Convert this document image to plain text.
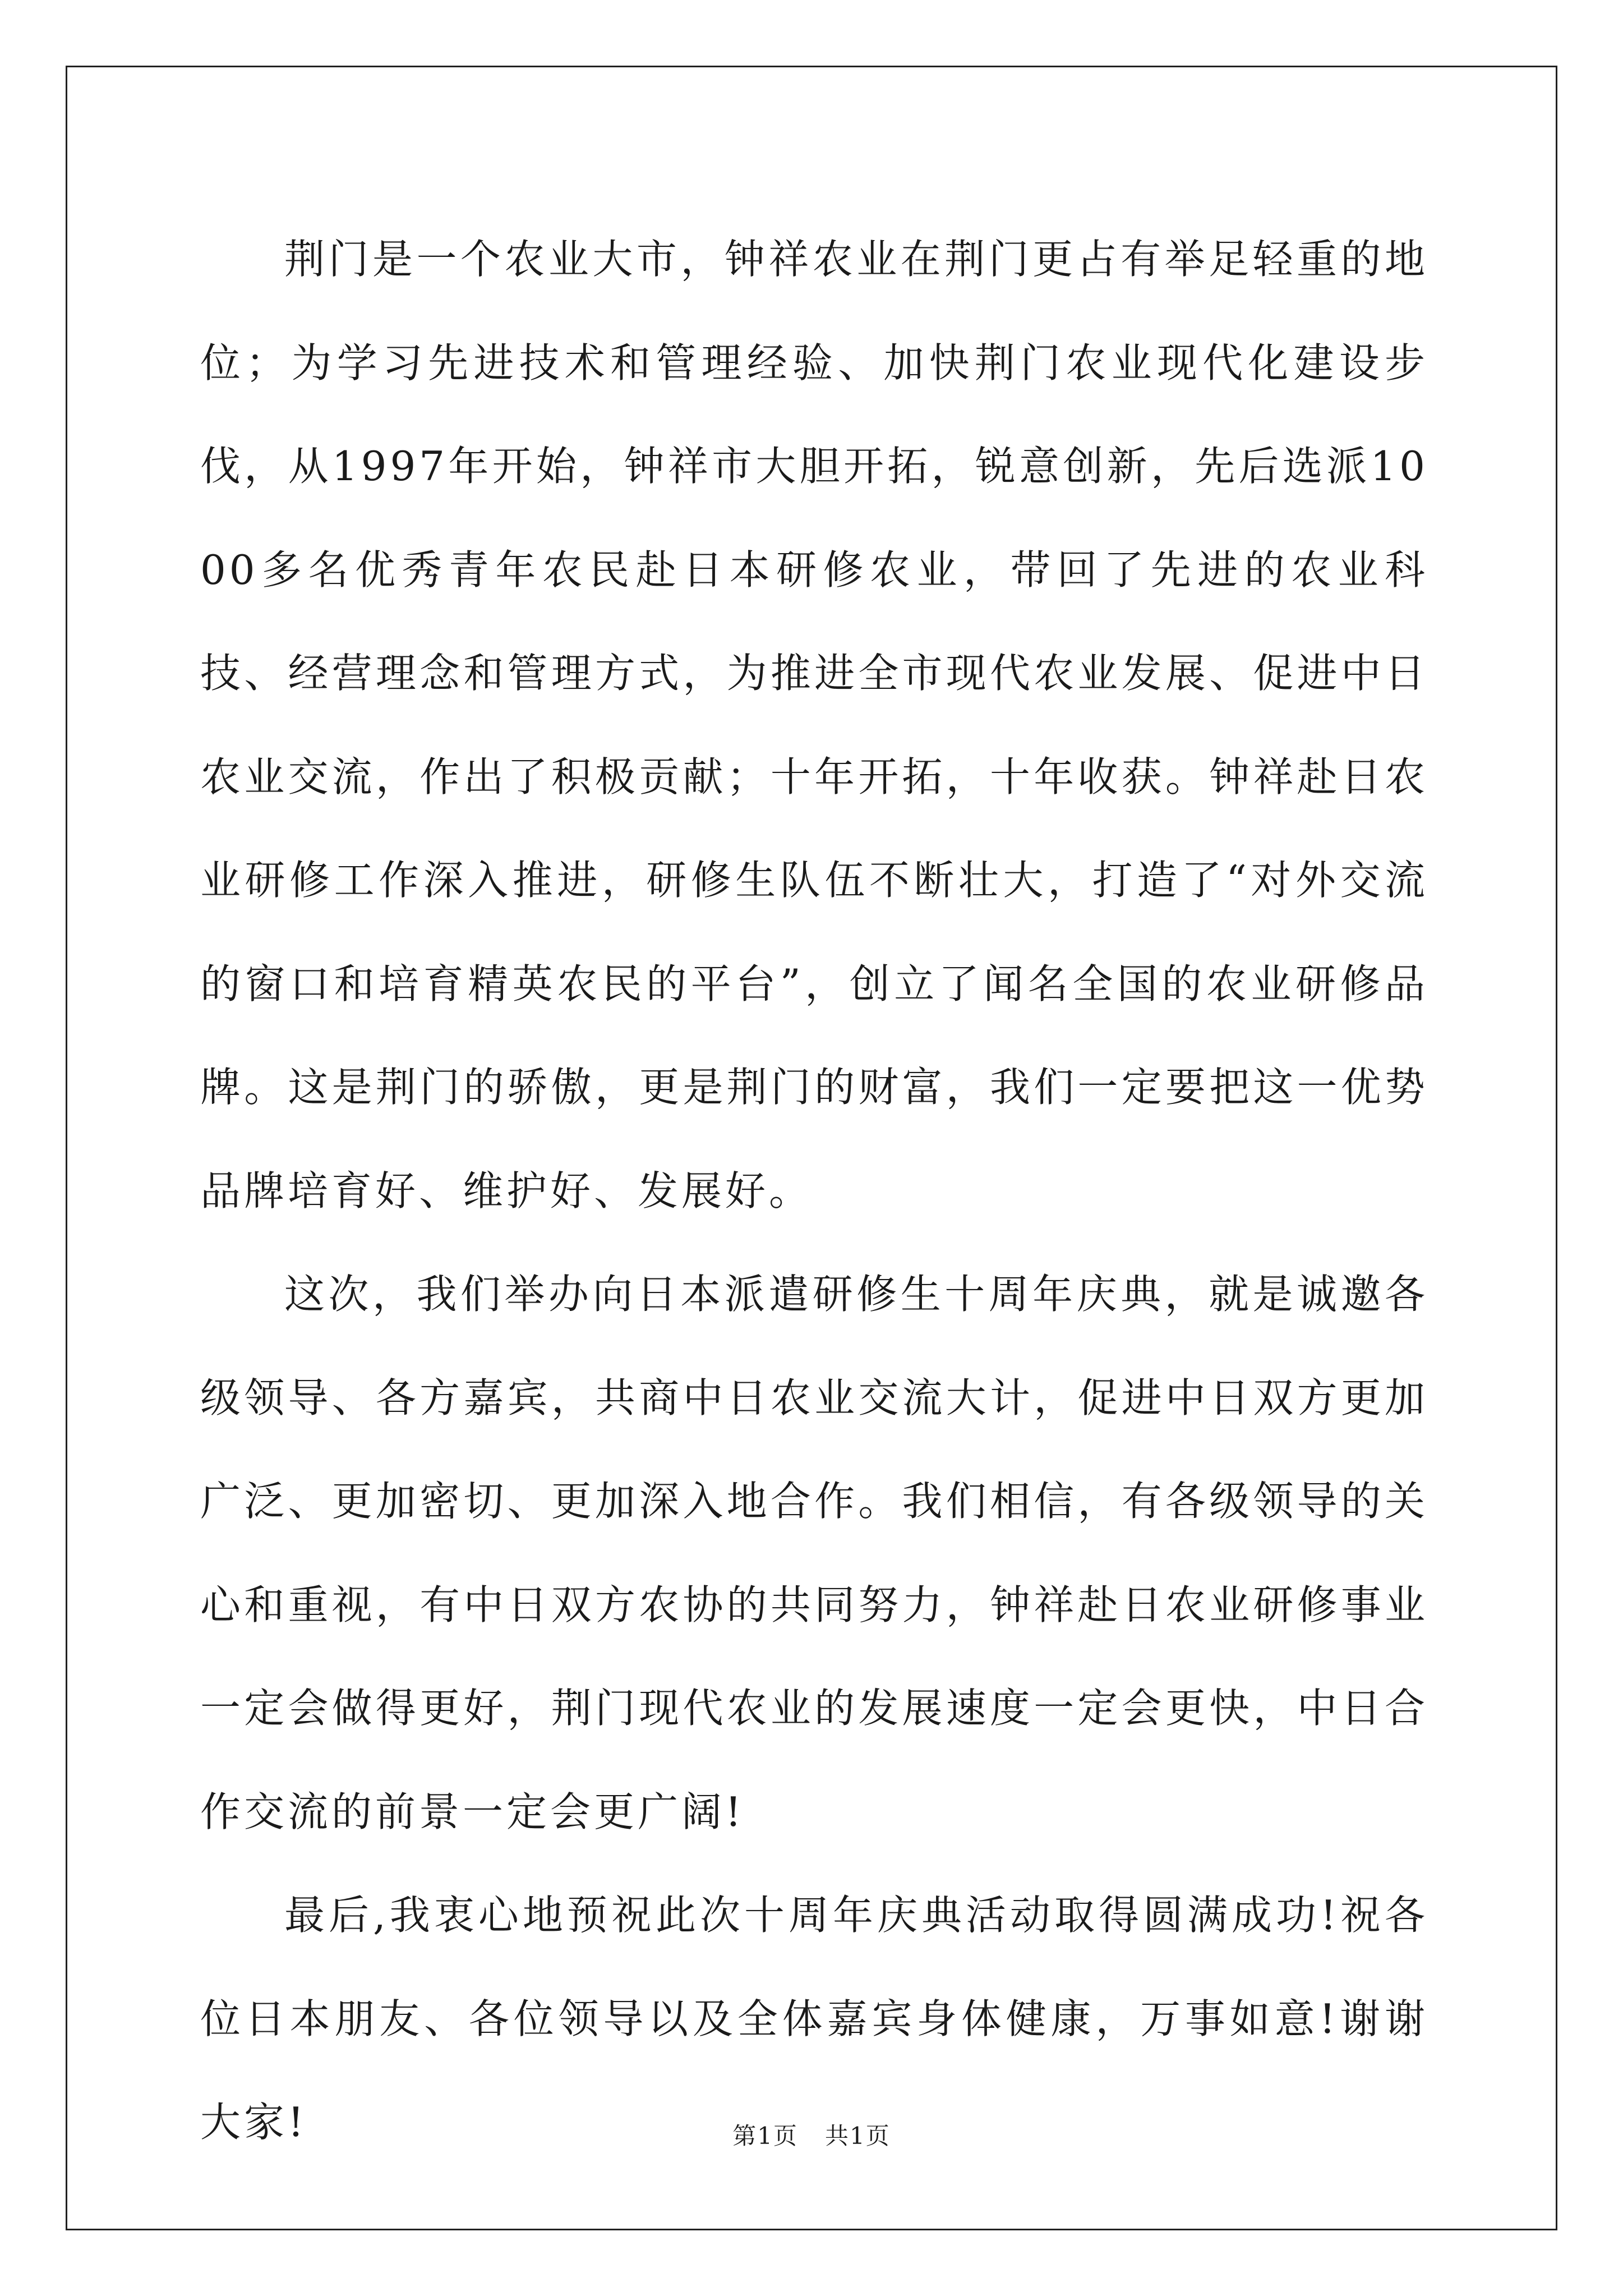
荆门是一个农业大市，钟祥农业在荆门更占有举足轻重的地位；为学习先进技术和管理经验、加快荆门农业现代化建设步伐，从1997年开始，钟祥市大胆开拓，锐意创新，先后选派1000多名优秀青年农民赴日本研修农业，带回了先进的农业科技、经营理念和管理方式，为推进全市现代农业发展、促进中日农业交流，作出了积极贡献；十年开拓，十年收获。钟祥赴日农业研修工作深入推进，研修生队伍不断壮大，打造了“对外交流的窗口和培育精英农民的平台”，创立了闻名全国的农业研修品牌。这是荆门的骄傲，更是荆门的财富，我们一定要把这一优势品牌培育好、维护好、发展好。

这次，我们举办向日本派遣研修生十周年庆典，就是诚邀各级领导、各方嘉宾，共商中日农业交流大计，促进中日双方更加广泛、更加密切、更加深入地合作。我们相信，有各级领导的关心和重视，有中日双方农协的共同努力，钟祥赴日农业研修事业一定会做得更好，荆门现代农业的发展速度一定会更快，中日合作交流的前景一定会更广阔!

最后,我衷心地预祝此次十周年庆典活动取得圆满成功!祝各位日本朋友、各位领导以及全体嘉宾身体健康，万事如意!谢谢大家!	第1页 共1页
